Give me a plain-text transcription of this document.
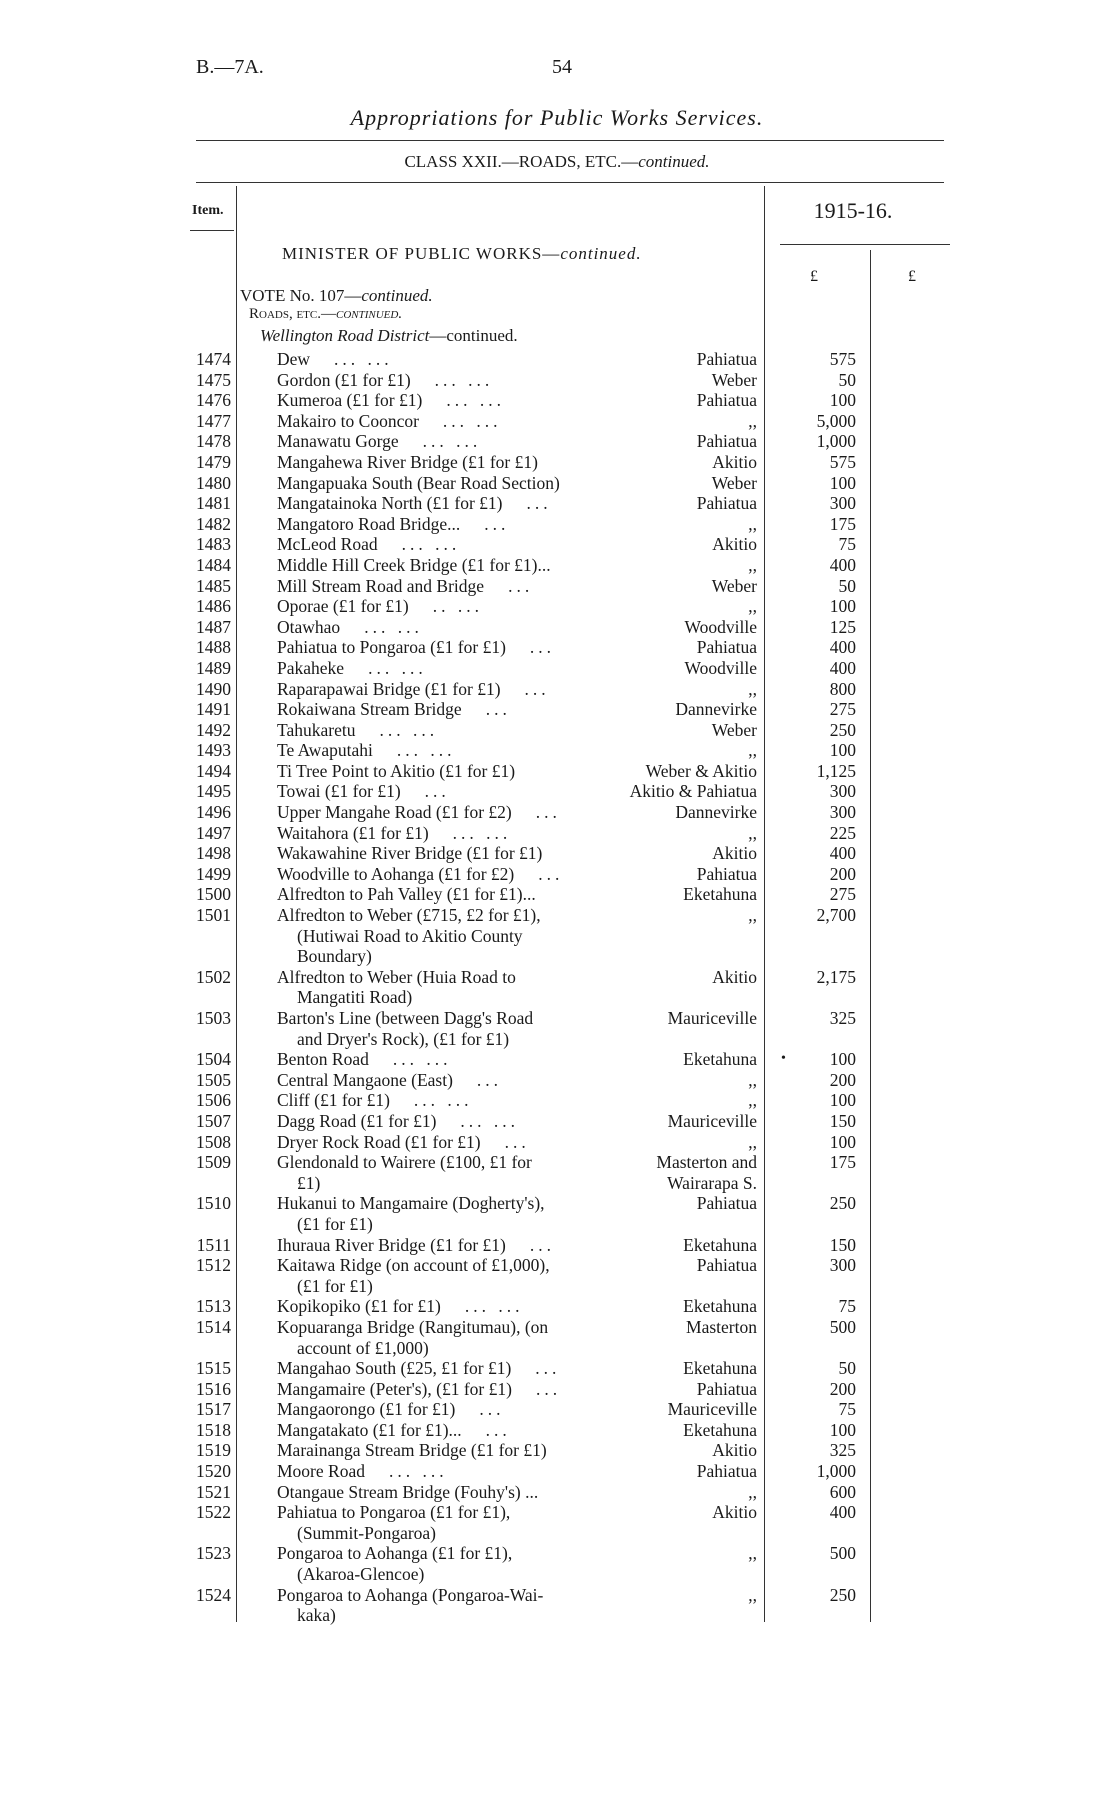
B.—7A.	54
Appropriations for Public Works Services.
CLASS XXII.—ROADS, ETC.—continued.
Item.	1915-16.
£	£
MINISTER OF PUBLIC WORKS—continued.
VOTE No. 107—continued.
Roads, etc.—continued.
Wellington Road District—continued.
1474	Dew ... ...	Pahiatua	575
1475	Gordon (£1 for £1) ... ...	Weber	50
1476	Kumeroa (£1 for £1) ... ...	Pahiatua	100
1477	Makairo to Cooncor ... ...	,,	5,000
1478	Manawatu Gorge ... ...	Pahiatua	1,000
1479	Mangahewa River Bridge (£1 for £1)	Akitio	575
1480	Mangapuaka South (Bear Road Section)	Weber	100
1481	Mangatainoka North (£1 for £1) ...	Pahiatua	300
1482	Mangatoro Road Bridge... ...	,,	175
1483	McLeod Road ... ...	Akitio	75
1484	Middle Hill Creek Bridge (£1 for £1)...	,,	400
1485	Mill Stream Road and Bridge ...	Weber	50
1486	Oporae (£1 for £1) .. ...	,,	100
1487	Otawhao ... ...	Woodville	125
1488	Pahiatua to Pongaroa (£1 for £1) ...	Pahiatua	400
1489	Pakaheke ... ...	Woodville	400
1490	Raparapawai Bridge (£1 for £1) ...	,,	800
1491	Rokaiwana Stream Bridge ...	Dannevirke	275
1492	Tahukaretu ... ...	Weber	250
1493	Te Awaputahi ... ...	,,	100
1494	Ti Tree Point to Akitio (£1 for £1)	Weber & Akitio	1,125
1495	Towai (£1 for £1) ...	Akitio & Pahiatua	300
1496	Upper Mangahe Road (£1 for £2) ...	Dannevirke	300
1497	Waitahora (£1 for £1) ... ...	,,	225
1498	Wakawahine River Bridge (£1 for £1)	Akitio	400
1499	Woodville to Aohanga (£1 for £2) ...	Pahiatua	200
1500	Alfredton to Pah Valley (£1 for £1)...	Eketahuna	275
1501	Alfredton to Weber (£715, £2 for £1),
(Hutiwai Road to Akitio County
Boundary)
,,	2,700
1502	Alfredton to Weber (Huia Road to
Mangatiti Road)
Akitio	2,175
1503	Barton's Line (between Dagg's Road
and Dryer's Rock), (£1 for £1)
Mauriceville	325
1504	Benton Road ... ...	Eketahuna •	100
1505	Central Mangaone (East) ...	,,	200
1506	Cliff (£1 for £1) ... ...	,,	100
1507	Dagg Road (£1 for £1) ... ...	Mauriceville	150
1508	Dryer Rock Road (£1 for £1) ...	,,	100
1509	Glendonald to Wairere (£100, £1 for
£1)
Masterton and
Wairarapa S.
175
1510	Hukanui to Mangamaire (Dogherty's),
(£1 for £1)
Pahiatua	250
1511	Ihuraua River Bridge (£1 for £1) ...	Eketahuna	150
1512	Kaitawa Ridge (on account of £1,000),
(£1 for £1)
Pahiatua	300
1513	Kopikopiko (£1 for £1) ... ...	Eketahuna	75
1514	Kopuaranga Bridge (Rangitumau), (on
account of £1,000)
Masterton	500
1515	Mangahao South (£25, £1 for £1) ...	Eketahuna	50
1516	Mangamaire (Peter's), (£1 for £1) ...	Pahiatua	200
1517	Mangaorongo (£1 for £1) ...	Mauriceville	75
1518	Mangatakato (£1 for £1)... ...	Eketahuna	100
1519	Marainanga Stream Bridge (£1 for £1)	Akitio	325
1520	Moore Road ... ...	Pahiatua	1,000
1521	Otangaue Stream Bridge (Fouhy's) ...	,,	600
1522	Pahiatua to Pongaroa (£1 for £1),
(Summit-Pongaroa)
Akitio	400
1523	Pongaroa to Aohanga (£1 for £1),
(Akaroa-Glencoe)
,,	500
1524	Pongaroa to Aohanga (Pongaroa-Wai-
kaka)
,,	250
